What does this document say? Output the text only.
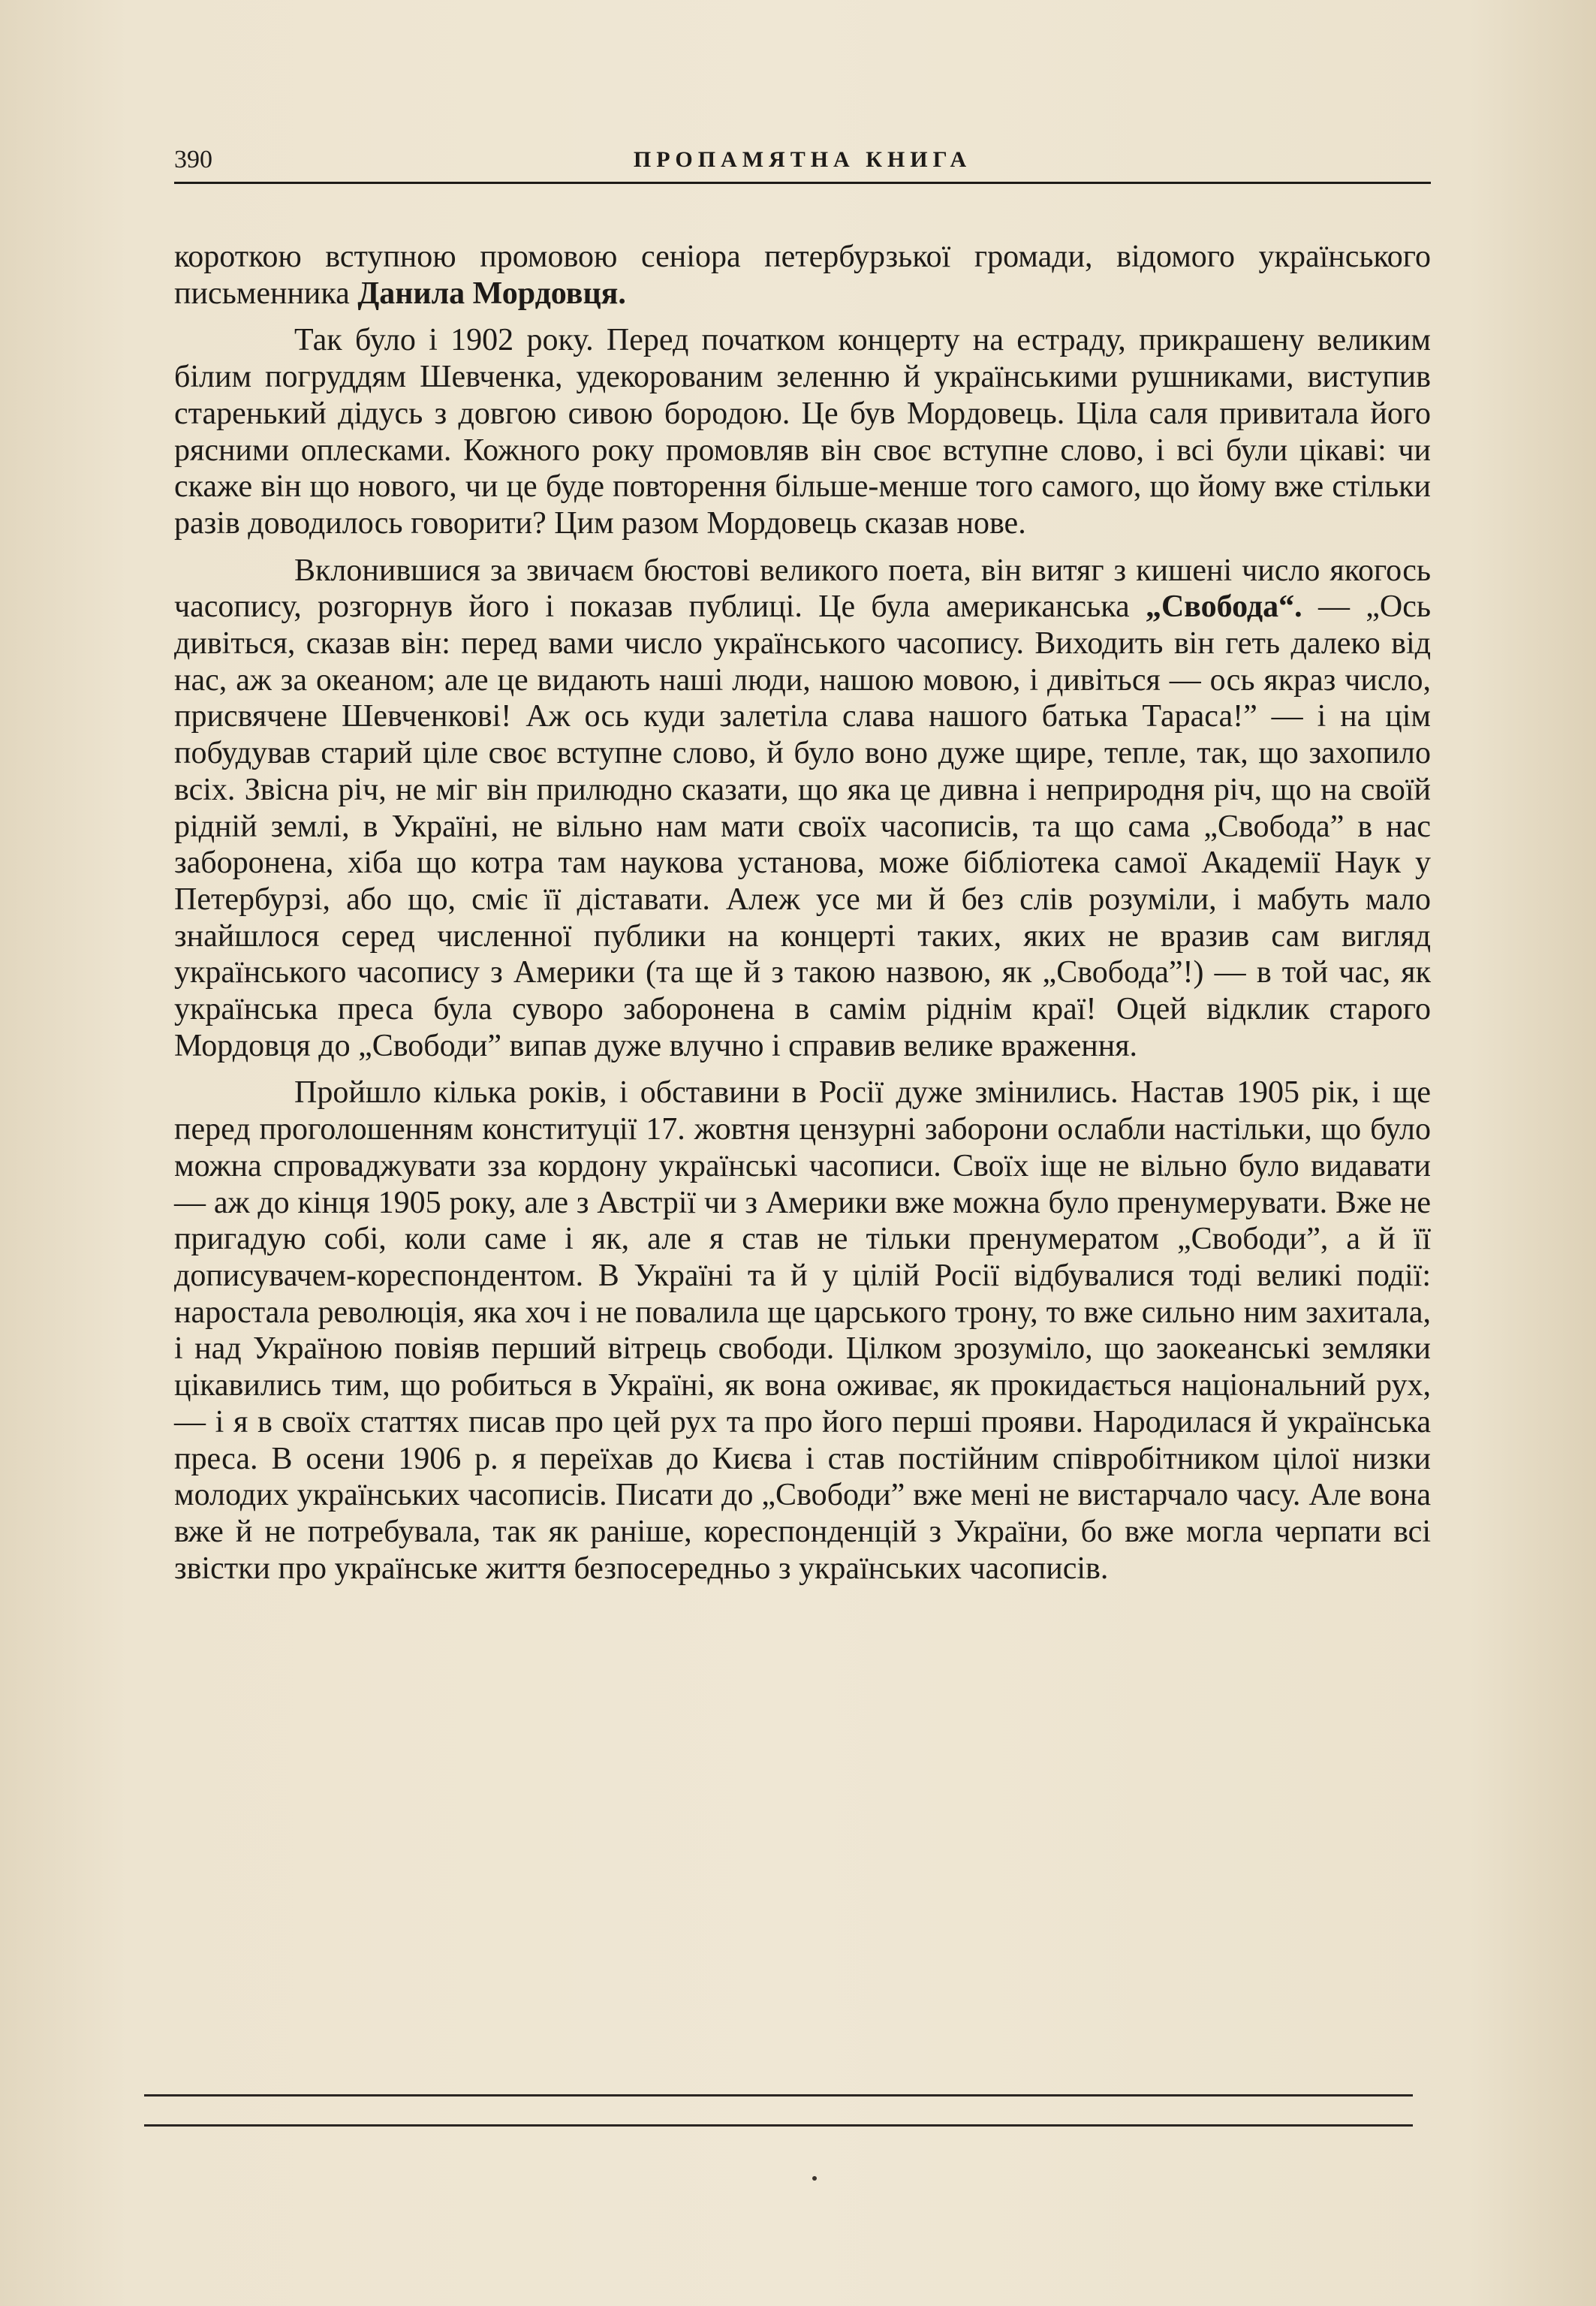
390	ПРОПАМЯТНА КНИГА

короткою вступною промовою сеніора петербурзької громади, відомого українського письменника Данила Мордовця.

Так було і 1902 року. Перед початком концерту на естраду, прикрашену великим білим погруддям Шевченка, удекорованим зеленню й українськими рушниками, виступив старенький дідусь з довгою сивою бородою. Це був Мордовець. Ціла саля привитала його рясними оплесками. Кожного року промовляв він своє вступне слово, і всі були цікаві: чи скаже він що нового, чи це буде повторення більше-менше того самого, що йому вже стільки разів доводилось говорити? Цим разом Мордовець сказав нове.

Вклонившися за звичаєм бюстові великого поета, він витяг з кишені число якогось часопису, розгорнув його і показав публиці. Це була американська „Свобода“. — „Ось дивіться, сказав він: перед вами число українського часопису. Виходить він геть далеко від нас, аж за океаном; але це видають наші люди, нашою мовою, і дивіться — ось якраз число, присвячене Шевченкові! Аж ось куди залетіла слава нашого батька Тараса!” — і на цім побудував старий ціле своє вступне слово, й було воно дуже щире, тепле, так, що захопило всіх. Звісна річ, не міг він прилюдно сказати, що яка це дивна і неприродня річ, що на своїй рідній землі, в Україні, не вільно нам мати своїх часописів, та що сама „Свобода” в нас заборонена, хіба що котра там наукова установа, може бібліотека самої Академії Наук у Петербурзі, або що, сміє її діставати. Алеж усе ми й без слів розуміли, і мабуть мало знайшлося серед численної публики на концерті таких, яких не вразив сам вигляд українського часопису з Америки (та ще й з такою назвою, як „Свобода”!) — в той час, як українська преса була суворо заборонена в самім ріднім краї! Оцей відклик старого Мордовця до „Свободи” випав дуже влучно і справив велике враження.

Пройшло кілька років, і обставини в Росії дуже змінились. Настав 1905 рік, і ще перед проголошенням конституції 17. жовтня цензурні заборони ослабли настільки, що було можна спроваджувати зза кордону українські часописи. Своїх іще не вільно було видавати — аж до кінця 1905 року, але з Австрії чи з Америки вже можна було пренумерувати. Вже не пригадую собі, коли саме і як, але я став не тільки пренумератом „Свободи”, а й її дописувачем-кореспондентом. В Україні та й у цілій Росії відбувалися тоді великі події: наростала революція, яка хоч і не повалила ще царського трону, то вже сильно ним захитала, і над Україною повіяв перший вітрець свободи. Цілком зрозуміло, що заокеанські земляки цікавились тим, що робиться в Україні, як вона оживає, як прокидається національний рух, — і я в своїх статтях писав про цей рух та про його перші прояви. Народилася й українська преса. В осени 1906 р. я переїхав до Києва і став постійним співробітником цілої низки молодих українських часописів. Писати до „Свободи” вже мені не вистарчало часу. Але вона вже й не потребувала, так як раніше, кореспонденцій з України, бо вже могла черпати всі звістки про українське життя безпосередньо з українських часописів.
